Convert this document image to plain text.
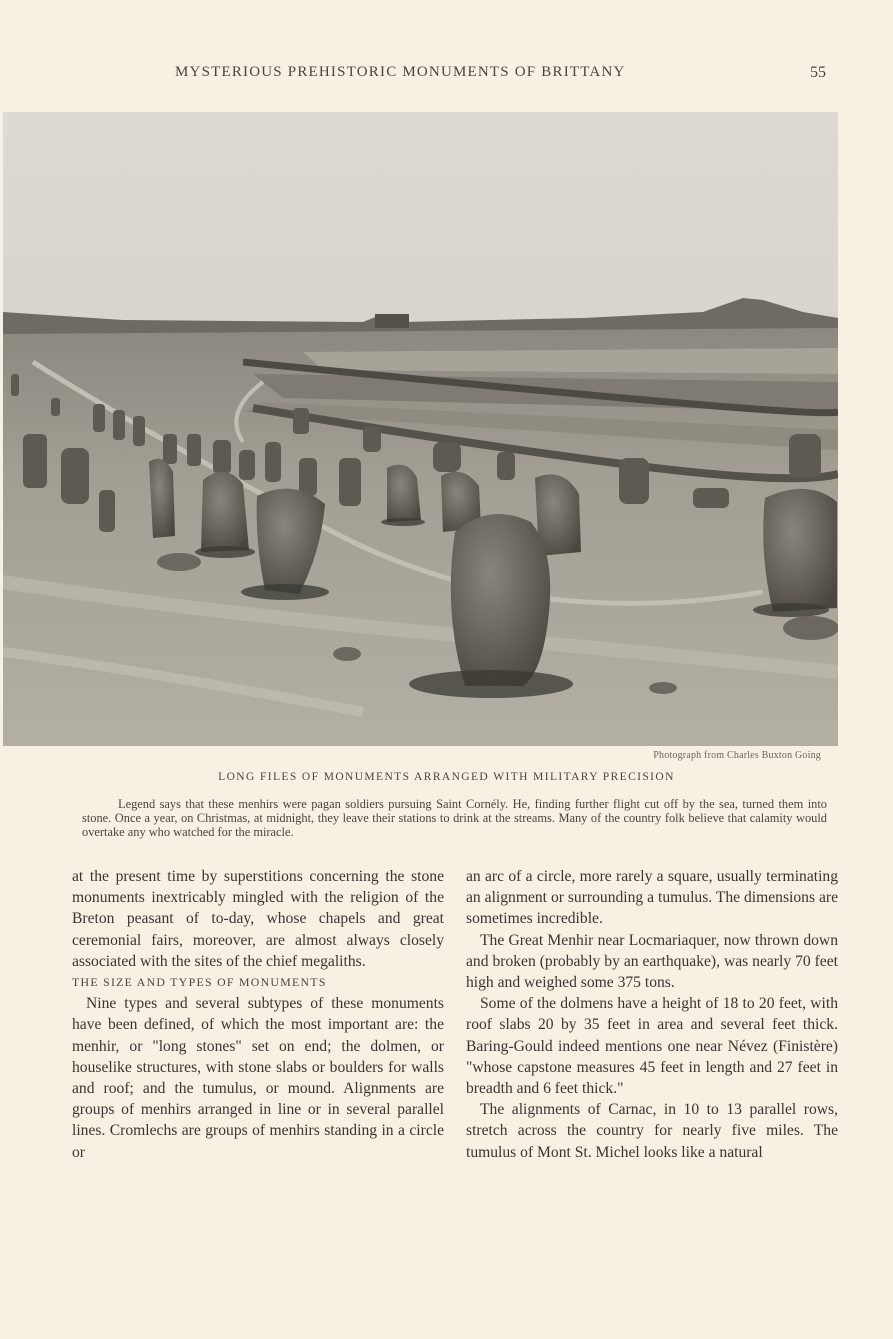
MYSTERIOUS PREHISTORIC MONUMENTS OF BRITTANY	55
Photograph from Charles Buxton Going
LONG FILES OF MONUMENTS ARRANGED WITH MILITARY PRECISION
Legend says that these menhirs were pagan soldiers pursuing Saint Cornély. He, finding further flight cut off by the sea, turned them into stone. Once a year, on Christmas, at midnight, they leave their stations to drink at the streams. Many of the country folk believe that calamity would overtake any who watched for the miracle.

at the present time by superstitions concerning the stone monuments inextricably mingled with the religion of the Breton peasant of to-day, whose chapels and great ceremonial fairs, moreover, are almost always closely associated with the sites of the chief megaliths.

THE SIZE AND TYPES OF MONUMENTS

Nine types and several subtypes of these monuments have been defined, of which the most important are: the menhir, or "long stones" set on end; the dolmen, or houselike structures, with stone slabs or boulders for walls and roof; and the tumulus, or mound. Alignments are groups of menhirs arranged in line or in several parallel lines. Cromlechs are groups of menhirs standing in a circle or

an arc of a circle, more rarely a square, usually terminating an alignment or surrounding a tumulus. The dimensions are sometimes incredible.

The Great Menhir near Locmariaquer, now thrown down and broken (probably by an earthquake), was nearly 70 feet high and weighed some 375 tons.

Some of the dolmens have a height of 18 to 20 feet, with roof slabs 20 by 35 feet in area and several feet thick. Baring-Gould indeed mentions one near Névez (Finistère) "whose capstone measures 45 feet in length and 27 feet in breadth and 6 feet thick."

The alignments of Carnac, in 10 to 13 parallel rows, stretch across the country for nearly five miles. The tumulus of Mont St. Michel looks like a natural
